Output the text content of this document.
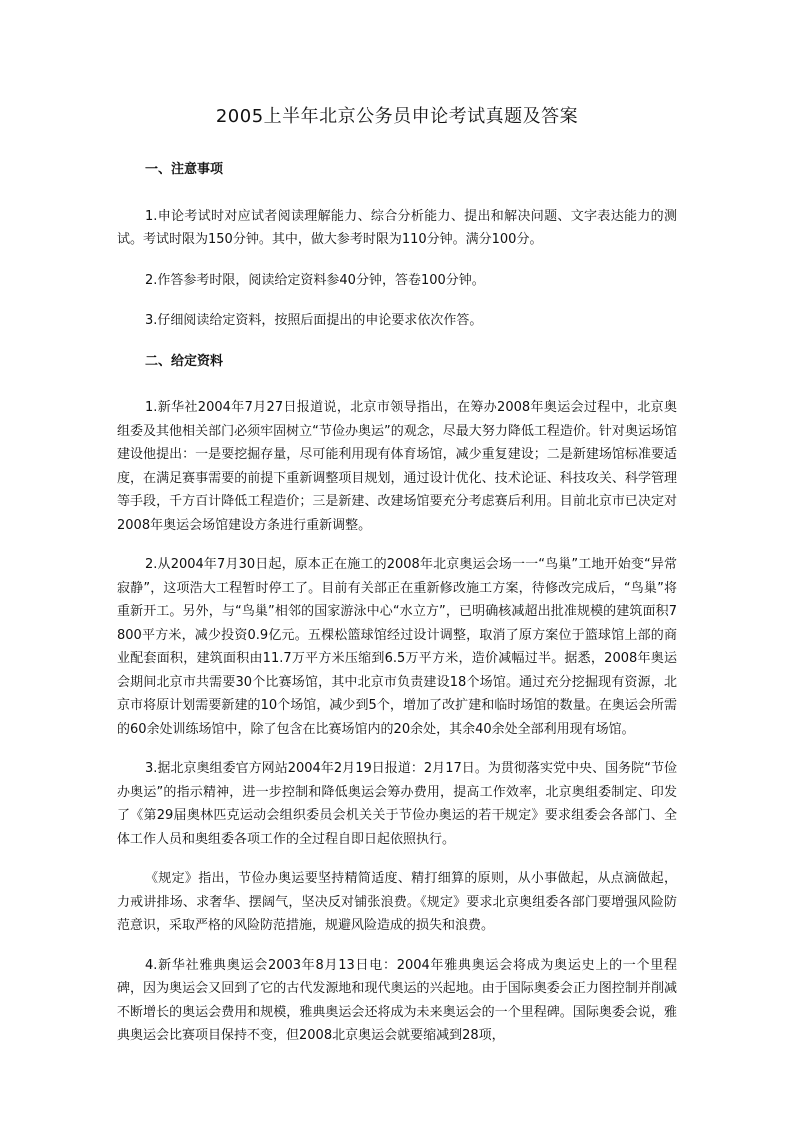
2005上半年北京公务员申论考试真题及答案

一、注意事项

1.申论考试时对应试者阅读理解能力、综合分析能力、提出和解决问题、文字表达能力的测试。考试时限为150分钟。其中，做大参考时限为110分钟。满分100分。

2.作答参考时限，阅读给定资料参40分钟，答卷100分钟。

3.仔细阅读给定资料，按照后面提出的申论要求依次作答。

二、给定资料

1.新华社2004年7月27日报道说，北京市领导指出，在筹办2008年奥运会过程中，北京奥组委及其他相关部门必须牢固树立“节俭办奥运”的观念，尽最大努力降低工程造价。针对奥运场馆建设他提出：一是要挖掘存量，尽可能利用现有体育场馆，减少重复建设；二是新建场馆标准要适度，在满足赛事需要的前提下重新调整项目规划，通过设计优化、技术论证、科技攻关、科学管理等手段，千方百计降低工程造价；三是新建、改建场馆要充分考虑赛后利用。目前北京市已决定对2008年奥运会场馆建设方条进行重新调整。

2.从2004年7月30日起，原本正在施工的2008年北京奥运会场一一“鸟巢”工地开始变“异常寂静”，这项浩大工程暂时停工了。目前有关部正在重新修改施工方案，待修改完成后，“鸟巢”将重新开工。另外，与“鸟巢”相邻的国家游泳中心“水立方”，已明确核减超出批准规模的建筑面积7800平方米，减少投资0.9亿元。五棵松篮球馆经过设计调整，取消了原方案位于篮球馆上部的商业配套面积，建筑面积由11.7万平方米压缩到6.5万平方米，造价减幅过半。据悉，2008年奥运会期间北京市共需要30个比赛场馆，其中北京市负责建设18个场馆。通过充分挖掘现有资源，北京市将原计划需要新建的10个场馆，减少到5个，增加了改扩建和临时场馆的数量。在奥运会所需的60余处训练场馆中，除了包含在比赛场馆内的20余处，其余40余处全部利用现有场馆。

3.据北京奥组委官方网站2004年2月19日报道：2月17日。为贯彻落实党中央、国务院“节俭办奥运”的指示精神，进一步控制和降低奥运会筹办费用，提高工作效率，北京奥组委制定、印发了《第29届奥林匹克运动会组织委员会机关关于节俭办奥运的若干规定》要求组委会各部门、全体工作人员和奥组委各项工作的全过程自即日起依照执行。

《规定》指出，节俭办奥运要坚持精简适度、精打细算的原则，从小事做起，从点滴做起，力戒讲排场、求奢华、摆阔气，坚决反对铺张浪费。《规定》要求北京奥组委各部门要增强风险防范意识，采取严格的风险防范措施，规避风险造成的损失和浪费。

4.新华社雅典奥运会2003年8月13日电：2004年雅典奥运会将成为奥运史上的一个里程碑，因为奥运会又回到了它的古代发源地和现代奥运的兴起地。由于国际奥委会正力图控制并削减不断增长的奥运会费用和规模，雅典奥运会还将成为未来奥运会的一个里程碑。国际奥委会说，雅典奥运会比赛项目保持不变，但2008北京奥运会就要缩减到28项，
